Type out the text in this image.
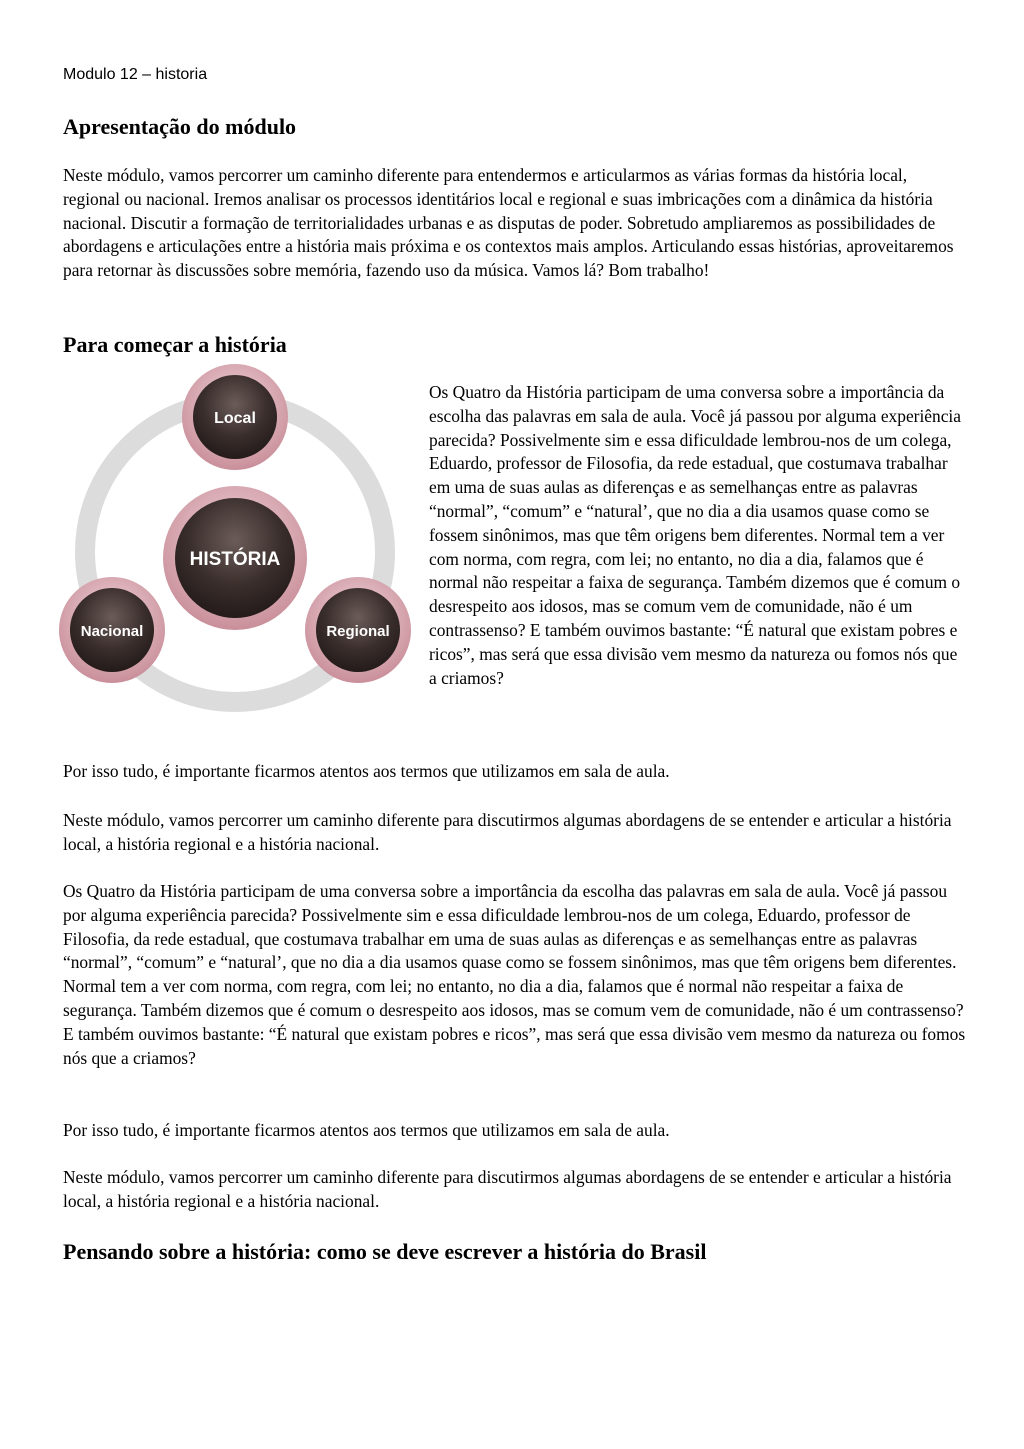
Modulo 12 – historia
Apresentação do módulo

Neste módulo, vamos percorrer um caminho diferente para entendermos e articularmos as várias formas da história local, regional ou nacional. Iremos analisar os processos identitários local e regional e suas imbricações com a dinâmica da história nacional. Discutir a formação de territorialidades urbanas e as disputas de poder. Sobretudo ampliaremos as possibilidades de abordagens e articulações entre a história mais próxima e os contextos mais amplos. Articulando essas histórias, aproveitaremos para retornar às discussões sobre memória, fazendo uso da música. Vamos lá? Bom trabalho!

Para começar a história
HISTÓRIA
Local
Nacional	Regional

Os Quatro da História participam de uma conversa sobre a importância da escolha das palavras em sala de aula. Você já passou por alguma experiência parecida? Possivelmente sim e essa dificuldade lembrou-nos de um colega, Eduardo, professor de Filosofia, da rede estadual, que costumava trabalhar em uma de suas aulas as diferenças e as semelhanças entre as palavras “normal”, “comum” e “natural’, que no dia a dia usamos quase como se fossem sinônimos, mas que têm origens bem diferentes. Normal tem a ver com norma, com regra, com lei; no entanto, no dia a dia, falamos que é normal não respeitar a faixa de segurança. Também dizemos que é comum o desrespeito aos idosos, mas se comum vem de comunidade, não é um contrassenso? E também ouvimos bastante: “É natural que existam pobres e ricos”, mas será que essa divisão vem mesmo da natureza ou fomos nós que a criamos?

Por isso tudo, é importante ficarmos atentos aos termos que utilizamos em sala de aula.

Neste módulo, vamos percorrer um caminho diferente para discutirmos algumas abordagens de se entender e articular a história local, a história regional e a história nacional.

Os Quatro da História participam de uma conversa sobre a importância da escolha das palavras em sala de aula. Você já passou por alguma experiência parecida? Possivelmente sim e essa dificuldade lembrou-nos de um colega, Eduardo, professor de Filosofia, da rede estadual, que costumava trabalhar em uma de suas aulas as diferenças e as semelhanças entre as palavras “normal”, “comum” e “natural’, que no dia a dia usamos quase como se fossem sinônimos, mas que têm origens bem diferentes. Normal tem a ver com norma, com regra, com lei; no entanto, no dia a dia, falamos que é normal não respeitar a faixa de segurança. Também dizemos que é comum o desrespeito aos idosos, mas se comum vem de comunidade, não é um contrassenso? E também ouvimos bastante: “É natural que existam pobres e ricos”, mas será que essa divisão vem mesmo da natureza ou fomos nós que a criamos?

Por isso tudo, é importante ficarmos atentos aos termos que utilizamos em sala de aula.

Neste módulo, vamos percorrer um caminho diferente para discutirmos algumas abordagens de se entender e articular a história local, a história regional e a história nacional.

Pensando sobre a história: como se deve escrever a história do Brasil
